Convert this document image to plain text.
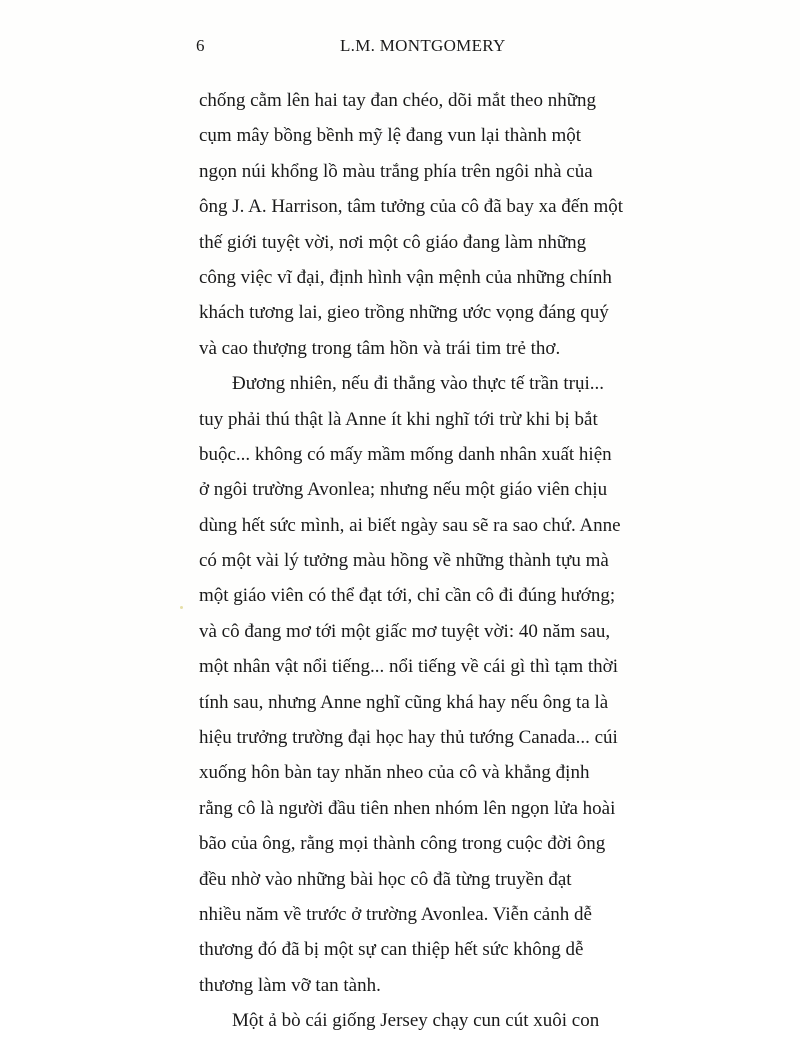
6	L.M. MONTGOMERY
chống cằm lên hai tay đan chéo, dõi mắt theo những
cụm mây bồng bềnh mỹ lệ đang vun lại thành một
ngọn núi khổng lồ màu trắng phía trên ngôi nhà của
ông J. A. Harrison, tâm tưởng của cô đã bay xa đến một
thế giới tuyệt vời, nơi một cô giáo đang làm những
công việc vĩ đại, định hình vận mệnh của những chính
khách tương lai, gieo trồng những ước vọng đáng quý
và cao thượng trong tâm hồn và trái tim trẻ thơ.
Đương nhiên, nếu đi thẳng vào thực tế trần trụi...
tuy phải thú thật là Anne ít khi nghĩ tới trừ khi bị bắt
buộc... không có mấy mầm mống danh nhân xuất hiện
ở ngôi trường Avonlea; nhưng nếu một giáo viên chịu
dùng hết sức mình, ai biết ngày sau sẽ ra sao chứ. Anne
có một vài lý tưởng màu hồng về những thành tựu mà
một giáo viên có thể đạt tới, chỉ cần cô đi đúng hướng;
và cô đang mơ tới một giấc mơ tuyệt vời: 40 năm sau,
một nhân vật nổi tiếng... nổi tiếng về cái gì thì tạm thời
tính sau, nhưng Anne nghĩ cũng khá hay nếu ông ta là
hiệu trưởng trường đại học hay thủ tướng Canada... cúi
xuống hôn bàn tay nhăn nheo của cô và khẳng định
rằng cô là người đầu tiên nhen nhóm lên ngọn lửa hoài
bão của ông, rằng mọi thành công trong cuộc đời ông
đều nhờ vào những bài học cô đã từng truyền đạt
nhiều năm về trước ở trường Avonlea. Viễn cảnh dễ
thương đó đã bị một sự can thiệp hết sức không dễ
thương làm vỡ tan tành.
Một ả bò cái giống Jersey chạy cun cút xuôi con
